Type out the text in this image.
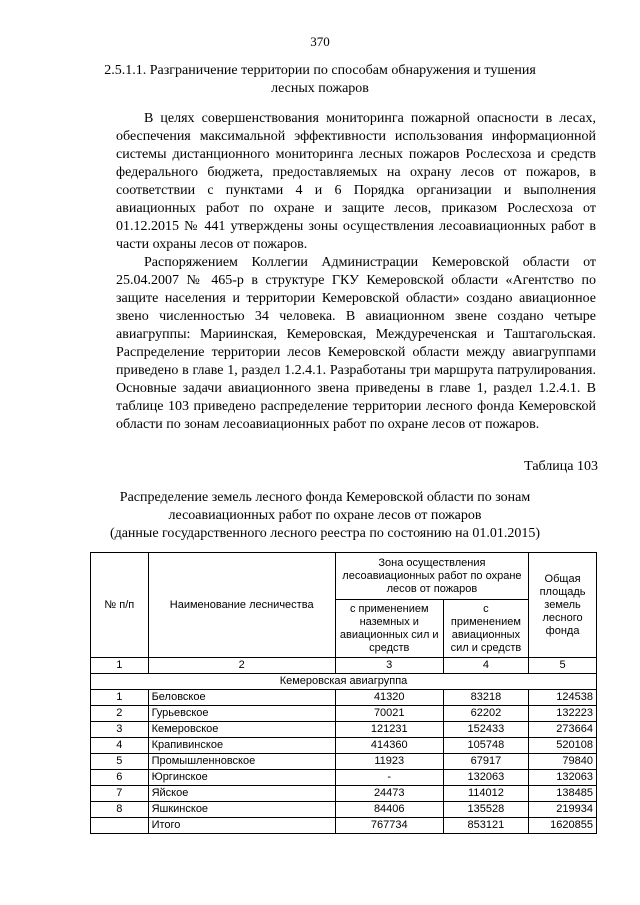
370
2.5.1.1. Разграничение территории по способам обнаружения и тушения лесных пожаров

В целях совершенствования мониторинга пожарной опасности в лесах, обеспечения максимальной эффективности использования информационной системы дистанционного мониторинга лесных пожаров Рослесхоза и средств федерального бюджета, предоставляемых на охрану лесов от пожаров, в соответствии с пунктами 4 и 6 Порядка организации и выполнения авиационных работ по охране и защите лесов, приказом Рослесхоза от 01.12.2015 № 441 утверждены зоны осуществления лесоавиационных работ в части охраны лесов от пожаров.

Распоряжением Коллегии Администрации Кемеровской области от 25.04.2007 № 465-р в структуре ГКУ Кемеровской области «Агентство по защите населения и территории Кемеровской области» создано авиационное звено численностью 34 человека. В авиационном звене создано четыре авиагруппы: Мариинская, Кемеровская, Междуреченская и Таштагольская. Распределение территории лесов Кемеровской области между авиагруппами приведено в главе 1, раздел 1.2.4.1. Разработаны три маршрута патрулирования. Основные задачи авиационного звена приведены в главе 1, раздел 1.2.4.1. В таблице 103 приведено распределение территории лесного фонда Кемеровской области по зонам лесоавиационных работ по охране лесов от пожаров.

Таблица 103
Распределение земель лесного фонда Кемеровской области по зонам
лесоавиационных работ по охране лесов от пожаров
(данные государственного лесного реестра по состоянию на 01.01.2015)
№ п/п	Наименование лесничества	Зона осуществления лесоавиационных работ по охране лесов от пожаров		Общая площадь земель лесного фонда
		с применением наземных и авиационных сил и средств	с применением авиационных сил и средств	
1	2	3	4	5
Кемеровская авиагруппа				
1	Беловское	41320	83218	124538
2	Гурьевское	70021	62202	132223
3	Кемеровское	121231	152433	273664
4	Крапивинское	414360	105748	520108
5	Промышленновское	11923	67917	79840
6	Юргинское	-	132063	132063
7	Яйское	24473	114012	138485
8	Яшкинское	84406	135528	219934
	Итого	767734	853121	1620855
